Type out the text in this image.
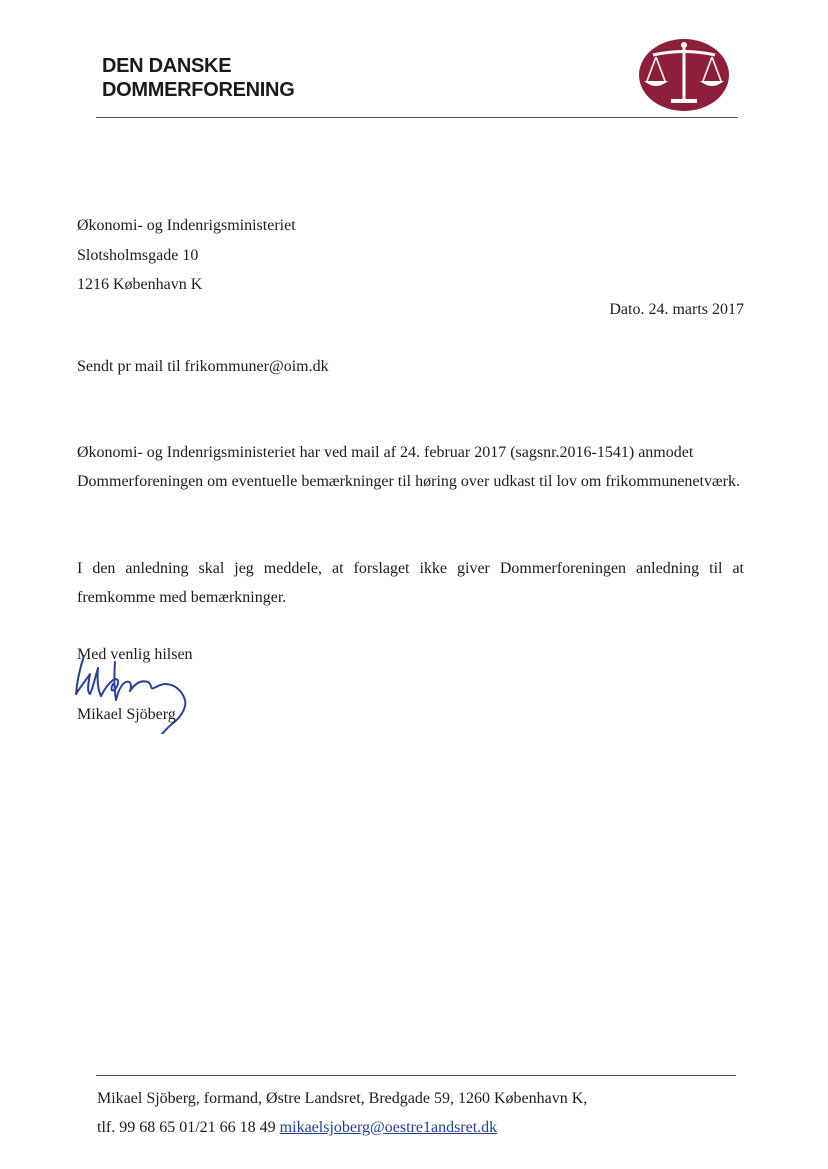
DEN DANSKE
DOMMERFORENING
Økonomi- og Indenrigsministeriet
Slotsholmsgade 10
1216 København K
Dato. 24. marts 2017
Sendt pr mail til frikommuner@oim.dk

Økonomi- og Indenrigsministeriet har ved mail af 24. februar 2017 (sagsnr.2016-1541) anmodet Dommerforeningen om eventuelle bemærkninger til høring over udkast til lov om frikommunenetværk.

I den anledning skal jeg meddele, at forslaget ikke giver Dommerforeningen anledning til at fremkomme med bemærkninger.

Med venlig hilsen
Mikael Sjöberg
Mikael Sjöberg, formand, Østre Landsret, Bredgade 59, 1260 København K,
tlf. 99 68 65 01/21 66 18 49 mikaelsjoberg@oestre1andsret.dk
